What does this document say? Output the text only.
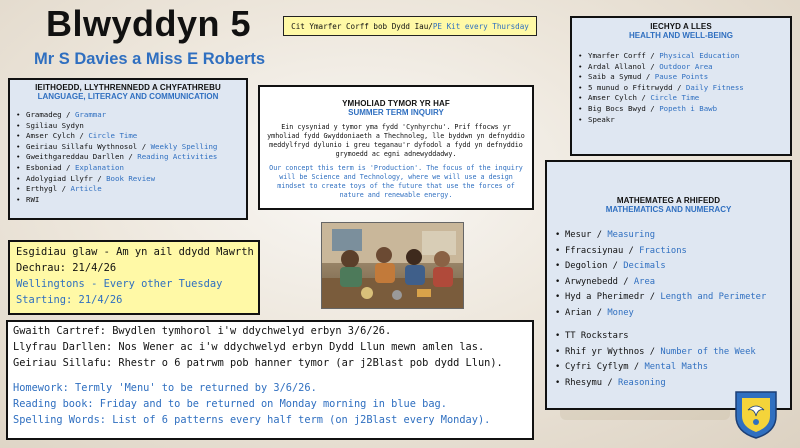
Blwyddyn 5
Mr S Davies a Miss E Roberts
Cit Ymarfer Corff bob Dydd Iau / PE Kit every Thursday
IEITHOEDD, LLYTHRENNEDD A CHYFATHREBU
LANGUAGE, LITERACY AND COMMUNICATION
• Gramadeg / Grammar
• Sgiliau Sydyn
• Amser Cylch / Circle Time
• Geiriau Sillafu Wythnosol / Weekly Spelling
• Gweithgareddau Darllen / Reading Activities
• Esboniad / Explanation
• Adolygiad Llyfr / Book Review
• Erthygl / Article
• RWI
YMHOLIAD TYMOR YR HAF
SUMMER TERM INQUIRY
Ein cysyniad y tymor yma fydd 'Cynhyrchu'. Prif ffocws yr ymholiad fydd Gwyddoniaeth a Thechnoleg, lle byddwn yn defnyddio meddylfryd dylunio i greu teganau'r dyfodol a fydd yn defnyddio grymoedd ac egni adnewyddadwy.
Our concept this term is 'Production'. The focus of the inquiry will be Science and Technology, where we will use a design mindset to create toys of the future that use the forces of nature and renewable energy.
IECHYD A LLES
HEALTH AND WELL-BEING
• Ymarfer Corff / Physical Education
• Ardal Allanol / Outdoor Area
• Saib a Symud / Pause Points
• 5 munud o Ffitrwydd / Daily Fitness
• Amser Cylch / Circle Time
• Big Bocs Bwyd / Popeth i Bawb
• Speakr
MATHEMATEG A RHIFEDD
MATHEMATICS AND NUMERACY
• Mesur / Measuring
• Ffracsiynau / Fractions
• Degolion / Decimals
• Arwynebedd / Area
• Hyd a Pherimedr / Length and Perimeter
• Arian / Money
• TT Rockstars
• Rhif yr Wythnos / Number of the Week
• Cyfri Cyflym / Mental Maths
• Rhesymu / Reasoning
Esgidiau glaw - Am yn ail ddydd Mawrth
Dechrau: 21/4/26
Wellingtons - Every other Tuesday
Starting: 21/4/26
Gwaith Cartref: Bwydlen tymhorol i'w ddychwelyd erbyn 3/6/26.
Llyfrau Darllen: Nos Wener ac i'w ddychwelyd erbyn Dydd Llun mewn amlen las.
Geiriau Sillafu: Rhestr o 6 patrwm pob hanner tymor (ar j2Blast pob dydd Llun).
Homework: Termly 'Menu' to be returned by 3/6/26.
Reading book: Friday and to be returned on Monday morning in blue bag.
Spelling Words: List of 6 patterns every half term (on j2Blast every Monday).
